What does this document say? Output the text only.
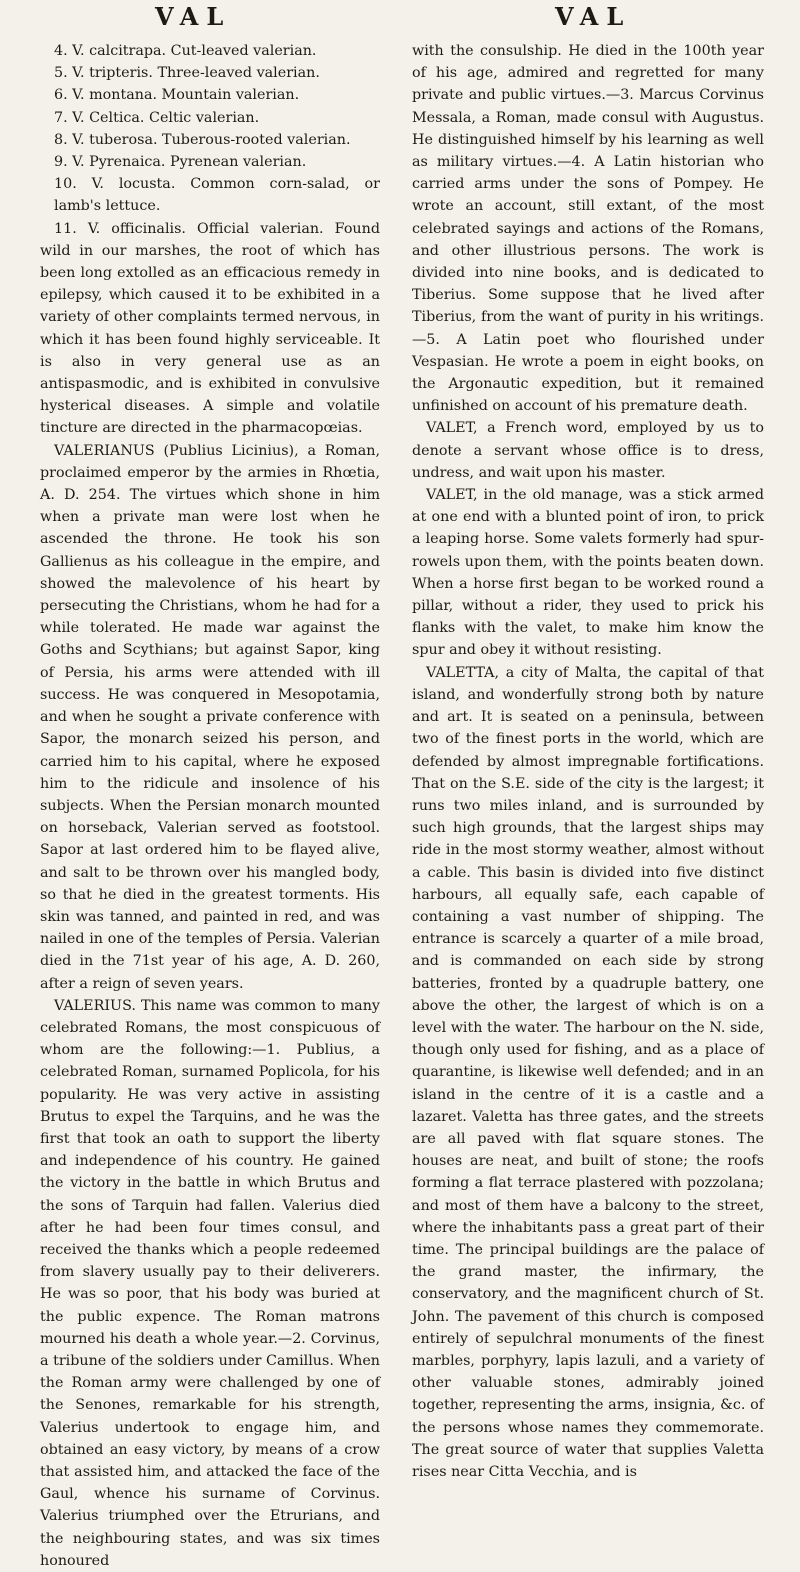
VAL	VAL
4. V. calcitrapa. Cut-leaved valerian.
5. V. tripteris. Three-leaved valerian.
6. V. montana. Mountain valerian.
7. V. Celtica. Celtic valerian.
8. V. tuberosa. Tuberous-rooted valerian.
9. V. Pyrenaica. Pyrenean valerian.
10. V. locusta. Common corn-salad, or lamb's lettuce.

11. V. officinalis. Official valerian. Found wild in our marshes, the root of which has been long extolled as an efficacious remedy in epilepsy, which caused it to be exhibited in a variety of other complaints termed nervous, in which it has been found highly serviceable. It is also in very general use as an antispasmodic, and is exhibited in convulsive hysterical diseases. A simple and volatile tincture are directed in the pharmacopœias.

VALERIANUS (Publius Licinius), a Roman, proclaimed emperor by the armies in Rhœtia, A. D. 254. The virtues which shone in him when a private man were lost when he ascended the throne. He took his son Gallienus as his colleague in the empire, and showed the malevolence of his heart by persecuting the Christians, whom he had for a while tolerated. He made war against the Goths and Scythians; but against Sapor, king of Persia, his arms were attended with ill success. He was conquered in Mesopotamia, and when he sought a private conference with Sapor, the monarch seized his person, and carried him to his capital, where he exposed him to the ridicule and insolence of his subjects. When the Persian monarch mounted on horseback, Valerian served as footstool. Sapor at last ordered him to be flayed alive, and salt to be thrown over his mangled body, so that he died in the greatest torments. His skin was tanned, and painted in red, and was nailed in one of the temples of Persia. Valerian died in the 71st year of his age, A. D. 260, after a reign of seven years.

VALERIUS. This name was common to many celebrated Romans, the most conspicuous of whom are the following:—1. Publius, a celebrated Roman, surnamed Poplicola, for his popularity. He was very active in assisting Brutus to expel the Tarquins, and he was the first that took an oath to support the liberty and independence of his country. He gained the victory in the battle in which Brutus and the sons of Tarquin had fallen. Valerius died after he had been four times consul, and received the thanks which a people redeemed from slavery usually pay to their deliverers. He was so poor, that his body was buried at the public expence. The Roman matrons mourned his death a whole year.—2. Corvinus, a tribune of the soldiers under Camillus. When the Roman army were challenged by one of the Senones, remarkable for his strength, Valerius undertook to engage him, and obtained an easy victory, by means of a crow that assisted him, and attacked the face of the Gaul, whence his surname of Corvinus. Valerius triumphed over the Etrurians, and the neighbouring states, and was six times honoured

with the consulship. He died in the 100th year of his age, admired and regretted for many private and public virtues.—3. Marcus Corvinus Messala, a Roman, made consul with Augustus. He distinguished himself by his learning as well as military virtues.—4. A Latin historian who carried arms under the sons of Pompey. He wrote an account, still extant, of the most celebrated sayings and actions of the Romans, and other illustrious persons. The work is divided into nine books, and is dedicated to Tiberius. Some suppose that he lived after Tiberius, from the want of purity in his writings.—5. A Latin poet who flourished under Vespasian. He wrote a poem in eight books, on the Argonautic expedition, but it remained unfinished on account of his premature death.

VALET, a French word, employed by us to denote a servant whose office is to dress, undress, and wait upon his master.

VALET, in the old manage, was a stick armed at one end with a blunted point of iron, to prick a leaping horse. Some valets formerly had spur-rowels upon them, with the points beaten down. When a horse first began to be worked round a pillar, without a rider, they used to prick his flanks with the valet, to make him know the spur and obey it without resisting.

VALETTA, a city of Malta, the capital of that island, and wonderfully strong both by nature and art. It is seated on a peninsula, between two of the finest ports in the world, which are defended by almost impregnable fortifications. That on the S.E. side of the city is the largest; it runs two miles inland, and is surrounded by such high grounds, that the largest ships may ride in the most stormy weather, almost without a cable. This basin is divided into five distinct harbours, all equally safe, each capable of containing a vast number of shipping. The entrance is scarcely a quarter of a mile broad, and is commanded on each side by strong batteries, fronted by a quadruple battery, one above the other, the largest of which is on a level with the water. The harbour on the N. side, though only used for fishing, and as a place of quarantine, is likewise well defended; and in an island in the centre of it is a castle and a lazaret. Valetta has three gates, and the streets are all paved with flat square stones. The houses are neat, and built of stone; the roofs forming a flat terrace plastered with pozzolana; and most of them have a balcony to the street, where the inhabitants pass a great part of their time. The principal buildings are the palace of the grand master, the infirmary, the conservatory, and the magnificent church of St. John. The pavement of this church is composed entirely of sepulchral monuments of the finest marbles, porphyry, lapis lazuli, and a variety of other valuable stones, admirably joined together, representing the arms, insignia, &c. of the persons whose names they commemorate. The great source of water that supplies Valetta rises near Citta Vecchia, and is
